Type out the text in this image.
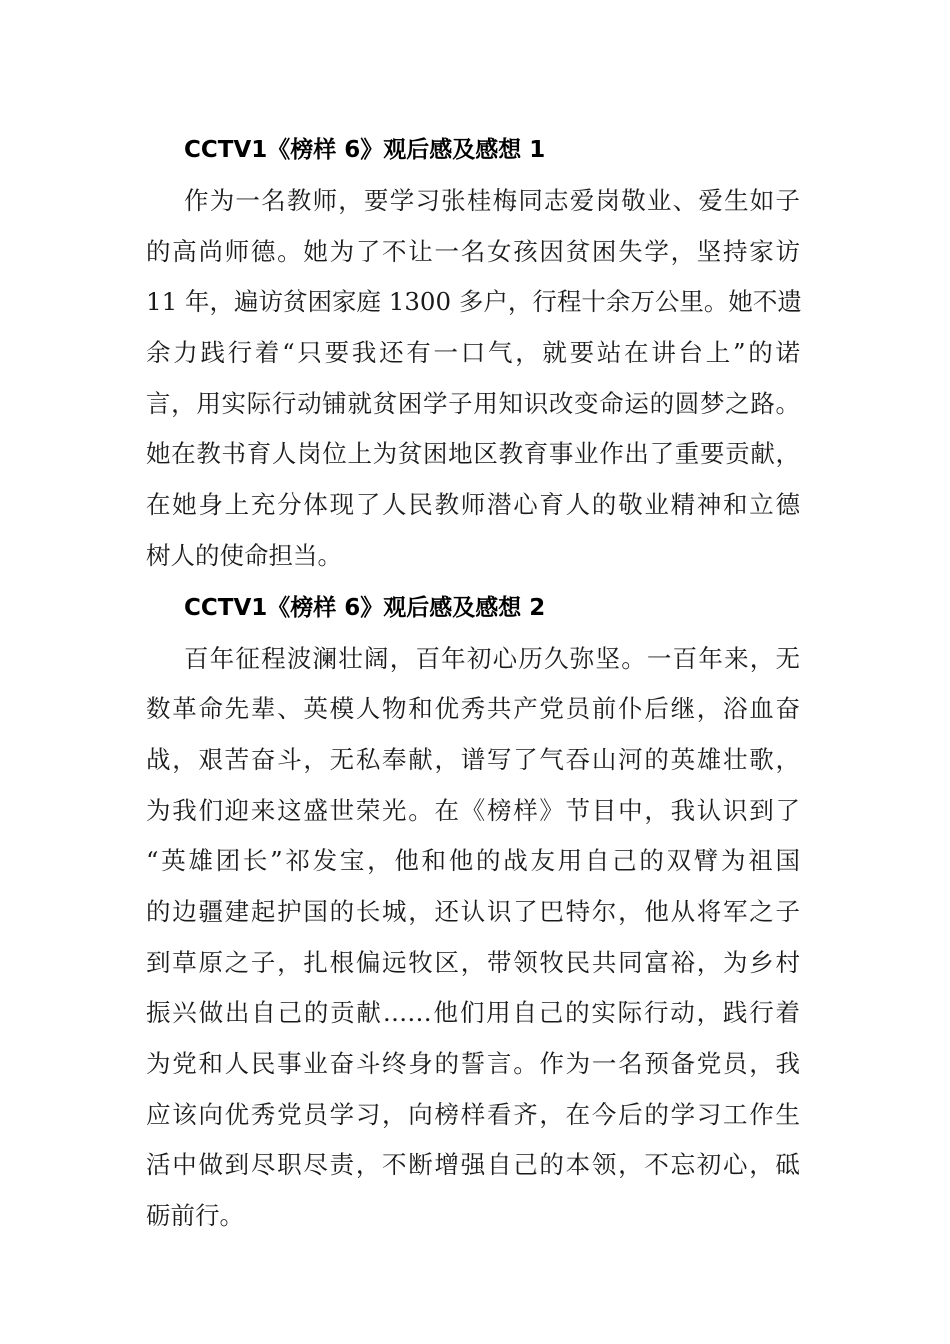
CCTV1《榜样 6》观后感及感想 1

作为一名教师，要学习张桂梅同志爱岗敬业、爱生如子
的高尚师德。她为了不让一名女孩因贫困失学，坚持家访
11 年，遍访贫困家庭 1300 多户，行程十余万公里。她不遗
余力践行着“只要我还有一口气，就要站在讲台上”的诺
言，用实际行动铺就贫困学子用知识改变命运的圆梦之路。
她在教书育人岗位上为贫困地区教育事业作出了重要贡献，
在她身上充分体现了人民教师潜心育人的敬业精神和立德
树人的使命担当。

CCTV1《榜样 6》观后感及感想 2

百年征程波澜壮阔，百年初心历久弥坚。一百年来，无
数革命先辈、英模人物和优秀共产党员前仆后继，浴血奋
战，艰苦奋斗，无私奉献，谱写了气吞山河的英雄壮歌，
为我们迎来这盛世荣光。在《榜样》节目中，我认识到了
“英雄团长”祁发宝，他和他的战友用自己的双臂为祖国
的边疆建起护国的长城，还认识了巴特尔，他从将军之子
到草原之子，扎根偏远牧区，带领牧民共同富裕，为乡村
振兴做出自己的贡献……他们用自己的实际行动，践行着
为党和人民事业奋斗终身的誓言。作为一名预备党员，我
应该向优秀党员学习，向榜样看齐，在今后的学习工作生
活中做到尽职尽责，不断增强自己的本领，不忘初心，砥
砺前行。
